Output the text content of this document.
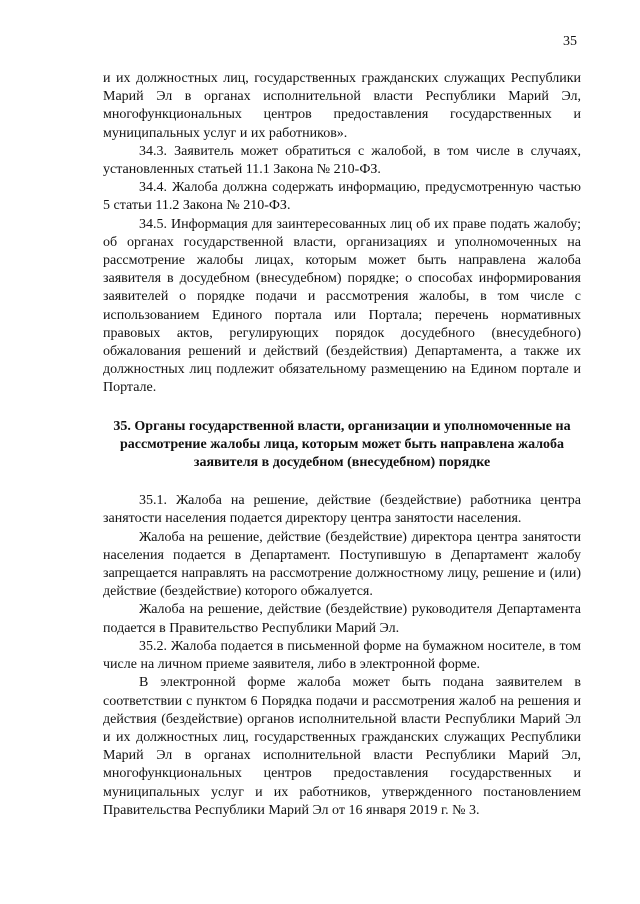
35

и их должностных лиц, государственных гражданских служащих Республики Марий Эл в органах исполнительной власти Республики Марий Эл, многофункциональных центров предоставления государственных и муниципальных услуг и их работников».

34.3. Заявитель может обратиться с жалобой, в том числе в случаях, установленных статьей 11.1 Закона № 210-ФЗ.

34.4. Жалоба должна содержать информацию, предусмотренную частью 5 статьи 11.2 Закона № 210-ФЗ.

34.5. Информация для заинтересованных лиц об их праве подать жалобу; об органах государственной власти, организациях и уполномоченных на рассмотрение жалобы лицах, которым может быть направлена жалоба заявителя в досудебном (внесудебном) порядке; о способах информирования заявителей о порядке подачи и рассмотрения жалобы, в том числе с использованием Единого портала или Портала; перечень нормативных правовых актов, регулирующих порядок досудебного (внесудебного) обжалования решений и действий (бездействия) Департамента, а также их должностных лиц подлежит обязательному размещению на Едином портале и Портале.

35. Органы государственной власти, организации и уполномоченные на рассмотрение жалобы лица, которым может быть направлена жалоба заявителя в досудебном (внесудебном) порядке

35.1. Жалоба на решение, действие (бездействие) работника центра занятости населения подается директору центра занятости населения.

Жалоба на решение, действие (бездействие) директора центра занятости населения подается в Департамент. Поступившую в Департамент жалобу запрещается направлять на рассмотрение должностному лицу, решение и (или) действие (бездействие) которого обжалуется.

Жалоба на решение, действие (бездействие) руководителя Департамента подается в Правительство Республики Марий Эл.

35.2. Жалоба подается в письменной форме на бумажном носителе, в том числе на личном приеме заявителя, либо в электронной форме.

В электронной форме жалоба может быть подана заявителем в соответствии с пунктом 6 Порядка подачи и рассмотрения жалоб на решения и действия (бездействие) органов исполнительной власти Республики Марий Эл и их должностных лиц, государственных гражданских служащих Республики Марий Эл в органах исполнительной власти Республики Марий Эл, многофункциональных центров предоставления государственных и муниципальных услуг и их работников, утвержденного постановлением Правительства Республики Марий Эл от 16 января 2019 г. № 3.
